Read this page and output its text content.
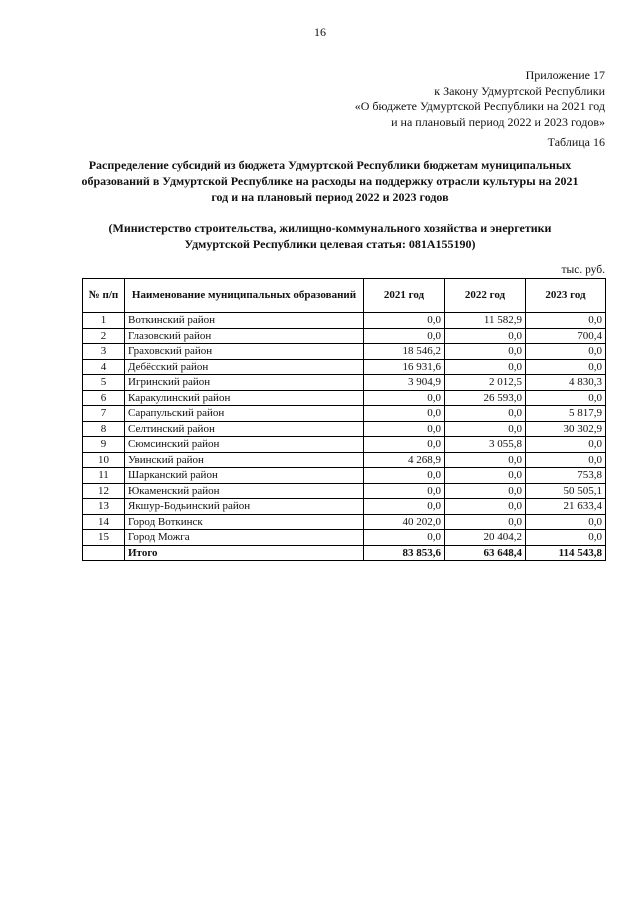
16
Приложение 17
к Закону Удмуртской Республики
«О бюджете Удмуртской Республики на 2021 год
и на плановый период 2022 и 2023 годов»
Таблица 16
Распределение субсидий из бюджета Удмуртской Республики бюджетам муниципальных образований в Удмуртской Республике на расходы на поддержку отрасли культуры на 2021 год и на плановый период 2022 и 2023 годов
(Министерство строительства, жилищно-коммунального хозяйства и энергетики Удмуртской Республики целевая статья: 081A155190)
тыс. руб.
№ п/п	Наименование муниципальных образований	2021 год	2022 год	2023 год
1	Воткинский район	0,0	11 582,9	0,0
2	Глазовский район	0,0	0,0	700,4
3	Граховский район	18 546,2	0,0	0,0
4	Дебёсский район	16 931,6	0,0	0,0
5	Игринский район	3 904,9	2 012,5	4 830,3
6	Каракулинский район	0,0	26 593,0	0,0
7	Сарапульский район	0,0	0,0	5 817,9
8	Селтинский район	0,0	0,0	30 302,9
9	Сюмсинский район	0,0	3 055,8	0,0
10	Увинский район	4 268,9	0,0	0,0
11	Шарканский район	0,0	0,0	753,8
12	Юкаменский район	0,0	0,0	50 505,1
13	Якшур-Бодьинский район	0,0	0,0	21 633,4
14	Город Воткинск	40 202,0	0,0	0,0
15	Город Можга	0,0	20 404,2	0,0
	Итого	83 853,6	63 648,4	114 543,8
